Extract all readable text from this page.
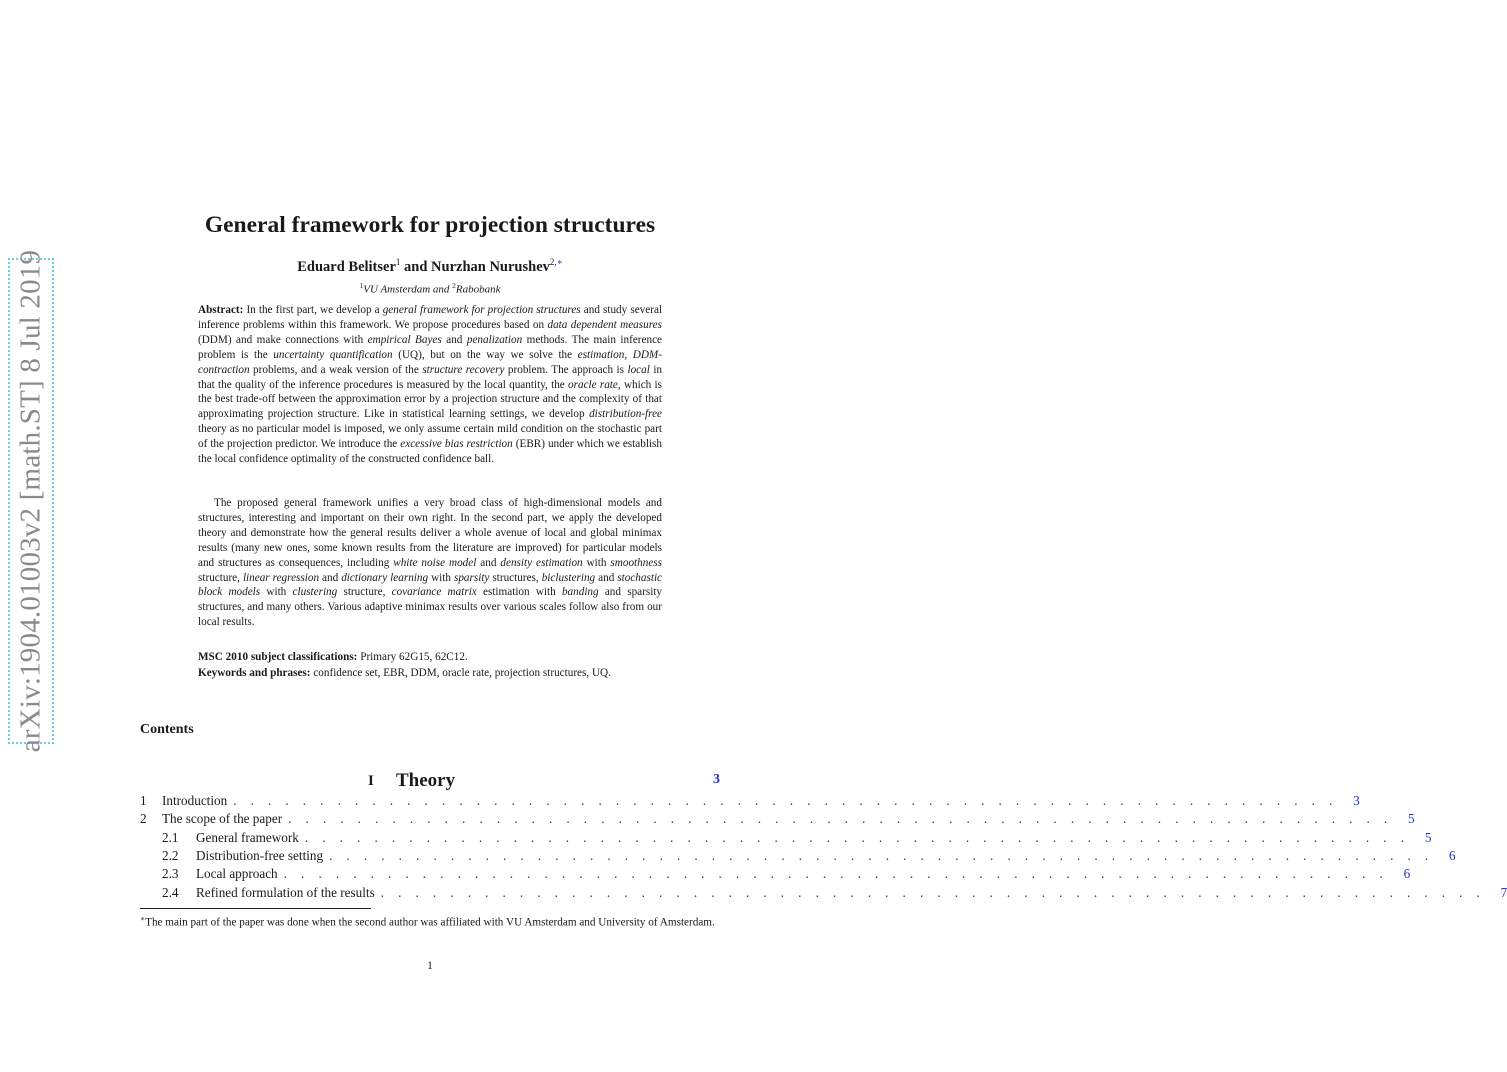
arXiv:1904.01003v2 [math.ST] 8 Jul 2019
General framework for projection structures
Eduard Belitser$^1$ and Nurzhan Nurushev$^{2,∗}$
$^1$VU Amsterdam and $^2$Rabobank
Abstract: In the first part, we develop a general framework for projection structures and study several inference problems within this framework. We propose procedures based on data dependent measures (DDM) and make connections with empirical Bayes and penalization methods. The main inference problem is the uncertainty quantification (UQ), but on the way we solve the estimation, DDM-contraction problems, and a weak version of the structure recovery problem. The approach is local in that the quality of the inference procedures is measured by the local quantity, the oracle rate, which is the best trade-off between the approximation error by a projection structure and the complexity of that approximating projection structure. Like in statistical learning settings, we develop distribution-free theory as no particular model is imposed, we only assume certain mild condition on the stochastic part of the projection predictor. We introduce the excessive bias restriction (EBR) under which we establish the local confidence optimality of the constructed confidence ball.
The proposed general framework unifies a very broad class of high-dimensional models and structures, interesting and important on their own right. In the second part, we apply the developed theory and demonstrate how the general results deliver a whole avenue of local and global minimax results (many new ones, some known results from the literature are improved) for particular models and structures as consequences, including white noise model and density estimation with smoothness structure, linear regression and dictionary learning with sparsity structures, biclustering and stochastic block models with clustering structure, covariance matrix estimation with banding and sparsity structures, and many others. Various adaptive minimax results over various scales follow also from our local results.
MSC 2010 subject classifications: Primary 62G15, 62C12.
Keywords and phrases: confidence set, EBR, DDM, oracle rate, projection structures, UQ.
Contents
I Theory	3
1	Introduction . . . . . . . . . . . . . . . . . . . . . . . . . . . . . . . . . . . . . . . . . . . . . . . . . . . . . . . . . . . . . . . .	3
2	The scope of the paper . . . . . . . . . . . . . . . . . . . . . . . . . . . . . . . . . . . . . . . . . . . . . . . . . . . . . . . . . . . . . . . .	5
2.1	General framework . . . . . . . . . . . . . . . . . . . . . . . . . . . . . . . . . . . . . . . . . . . . . . . . . . . . . . . . . . . . . . . .	5
2.2	Distribution-free setting . . . . . . . . . . . . . . . . . . . . . . . . . . . . . . . . . . . . . . . . . . . . . . . . . . . . . . . . . . . . . . . .	6
2.3	Local approach . . . . . . . . . . . . . . . . . . . . . . . . . . . . . . . . . . . . . . . . . . . . . . . . . . . . . . . . . . . . . . . .	6
2.4	Refined formulation of the results . . . . . . . . . . . . . . . . . . . . . . . . . . . . . . . . . . . . . . . . . . . . . . . . . . . . . . . . . . . . . . . .	7
∗The main part of the paper was done when the second author was affiliated with VU Amsterdam and University of Amsterdam.
1
